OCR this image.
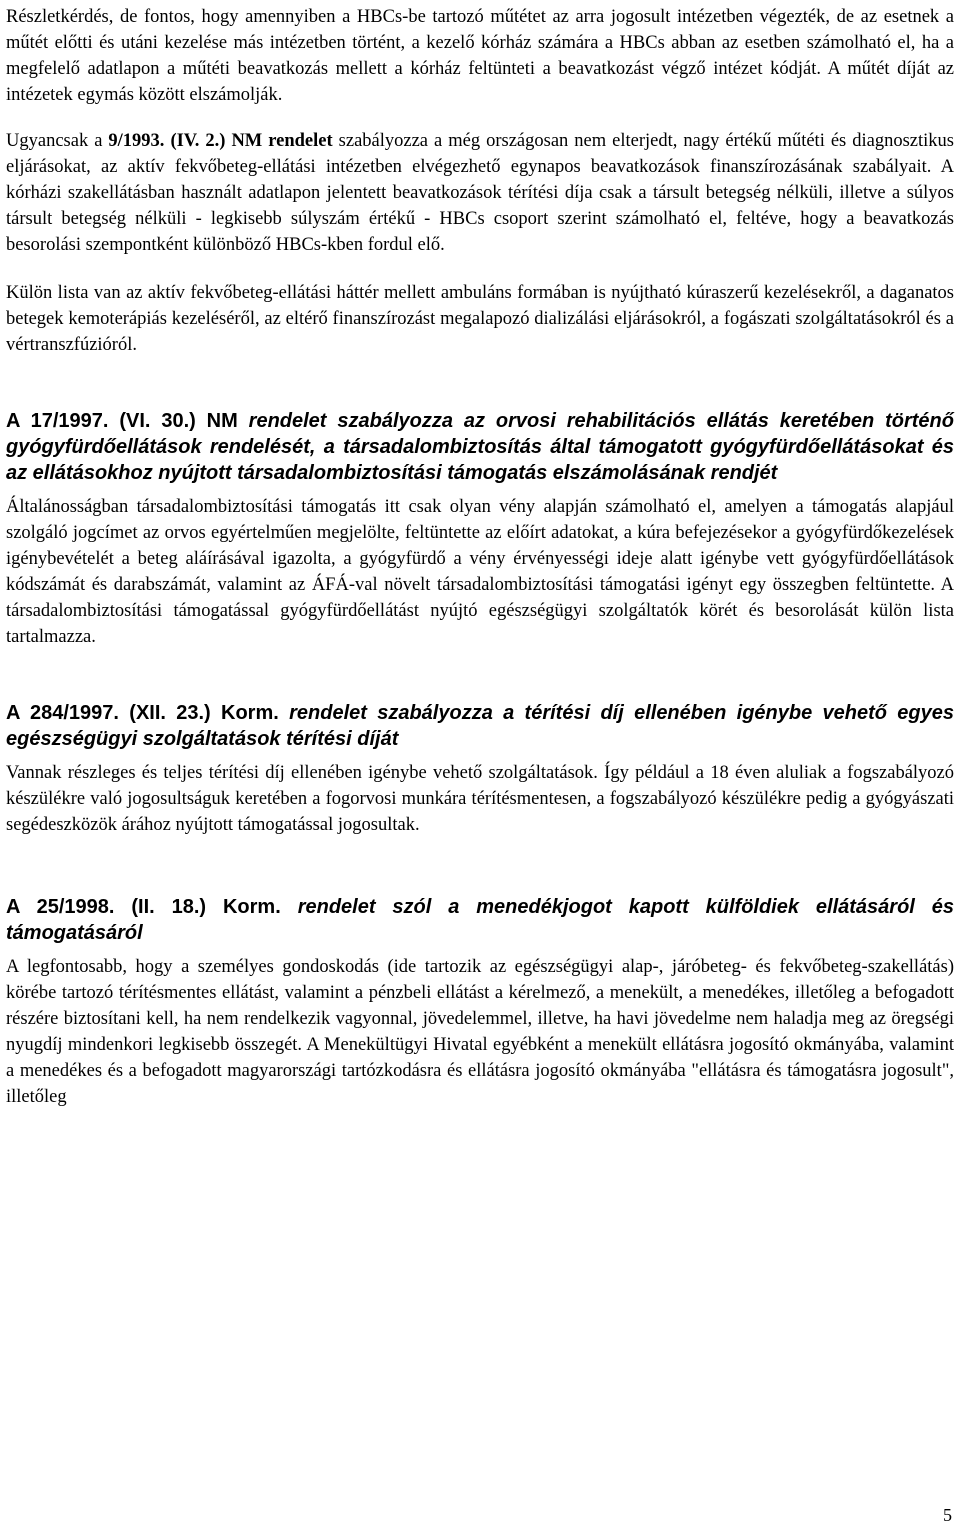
Részletkérdés, de fontos, hogy amennyiben a HBCs-be tartozó műtétet az arra jogosult intézetben végezték, de az esetnek a műtét előtti és utáni kezelése más intézetben történt, a kezelő kórház számára a HBCs abban az esetben számolható el, ha a megfelelő adatlapon a műtéti beavatkozás mellett a kórház feltünteti a beavatkozást végző intézet kódját. A műtét díját az intézetek egymás között elszámolják.

Ugyancsak a 9/1993. (IV. 2.) NM rendelet szabályozza a még országosan nem elterjedt, nagy értékű műtéti és diagnosztikus eljárásokat, az aktív fekvőbeteg-ellátási intézetben elvégezhető egynapos beavatkozások finanszírozásának szabályait. A kórházi szakellátásban használt adatlapon jelentett beavatkozások térítési díja csak a társult betegség nélküli, illetve a súlyos társult betegség nélküli - legkisebb súlyszám értékű - HBCs csoport szerint számolható el, feltéve, hogy a beavatkozás besorolási szempontként különböző HBCs-kben fordul elő.

Külön lista van az aktív fekvőbeteg-ellátási háttér mellett ambuláns formában is nyújtható kúraszerű kezelésekről, a daganatos betegek kemoterápiás kezeléséről, az eltérő finanszírozást megalapozó dializálási eljárásokról, a fogászati szolgáltatásokról és a vértranszfúzióról.

A 17/1997. (VI. 30.) NM rendelet szabályozza az orvosi rehabilitációs ellátás keretében történő gyógyfürdőellátások rendelését, a társadalombiztosítás által támogatott gyógyfürdőellátásokat és az ellátásokhoz nyújtott társadalombiztosítási támogatás elszámolásának rendjét

Általánosságban társadalombiztosítási támogatás itt csak olyan vény alapján számolható el, amelyen a támogatás alapjául szolgáló jogcímet az orvos egyértelműen megjelölte, feltüntette az előírt adatokat, a kúra befejezésekor a gyógyfürdőkezelések igénybevételét a beteg aláírásával igazolta, a gyógyfürdő a vény érvényességi ideje alatt igénybe vett gyógyfürdőellátások kódszámát és darabszámát, valamint az ÁFÁ-val növelt társadalombiztosítási támogatási igényt egy összegben feltüntette. A társadalombiztosítási támogatással gyógyfürdőellátást nyújtó egészségügyi szolgáltatók körét és besorolását külön lista tartalmazza.

A 284/1997. (XII. 23.) Korm. rendelet szabályozza a térítési díj ellenében igénybe vehető egyes egészségügyi szolgáltatások térítési díját

Vannak részleges és teljes térítési díj ellenében igénybe vehető szolgáltatások. Így például a 18 éven aluliak a fogszabályozó készülékre való jogosultságuk keretében a fogorvosi munkára térítésmentesen, a fogszabályozó készülékre pedig a gyógyászati segédeszközök árához nyújtott támogatással jogosultak.

A 25/1998. (II. 18.) Korm. rendelet szól a menedékjogot kapott külföldiek ellátásáról és támogatásáról

A legfontosabb, hogy a személyes gondoskodás (ide tartozik az egészségügyi alap-, járóbeteg- és fekvőbeteg-szakellátás) körébe tartozó térítésmentes ellátást, valamint a pénzbeli ellátást a kérelmező, a menekült, a menedékes, illetőleg a befogadott részére biztosítani kell, ha nem rendelkezik vagyonnal, jövedelemmel, illetve, ha havi jövedelme nem haladja meg az öregségi nyugdíj mindenkori legkisebb összegét. A Menekültügyi Hivatal egyébként a menekült ellátásra jogosító okmányába, valamint a menedékes és a befogadott magyarországi tartózkodásra és ellátásra jogosító okmányába "ellátásra és támogatásra jogosult", illetőleg

5
